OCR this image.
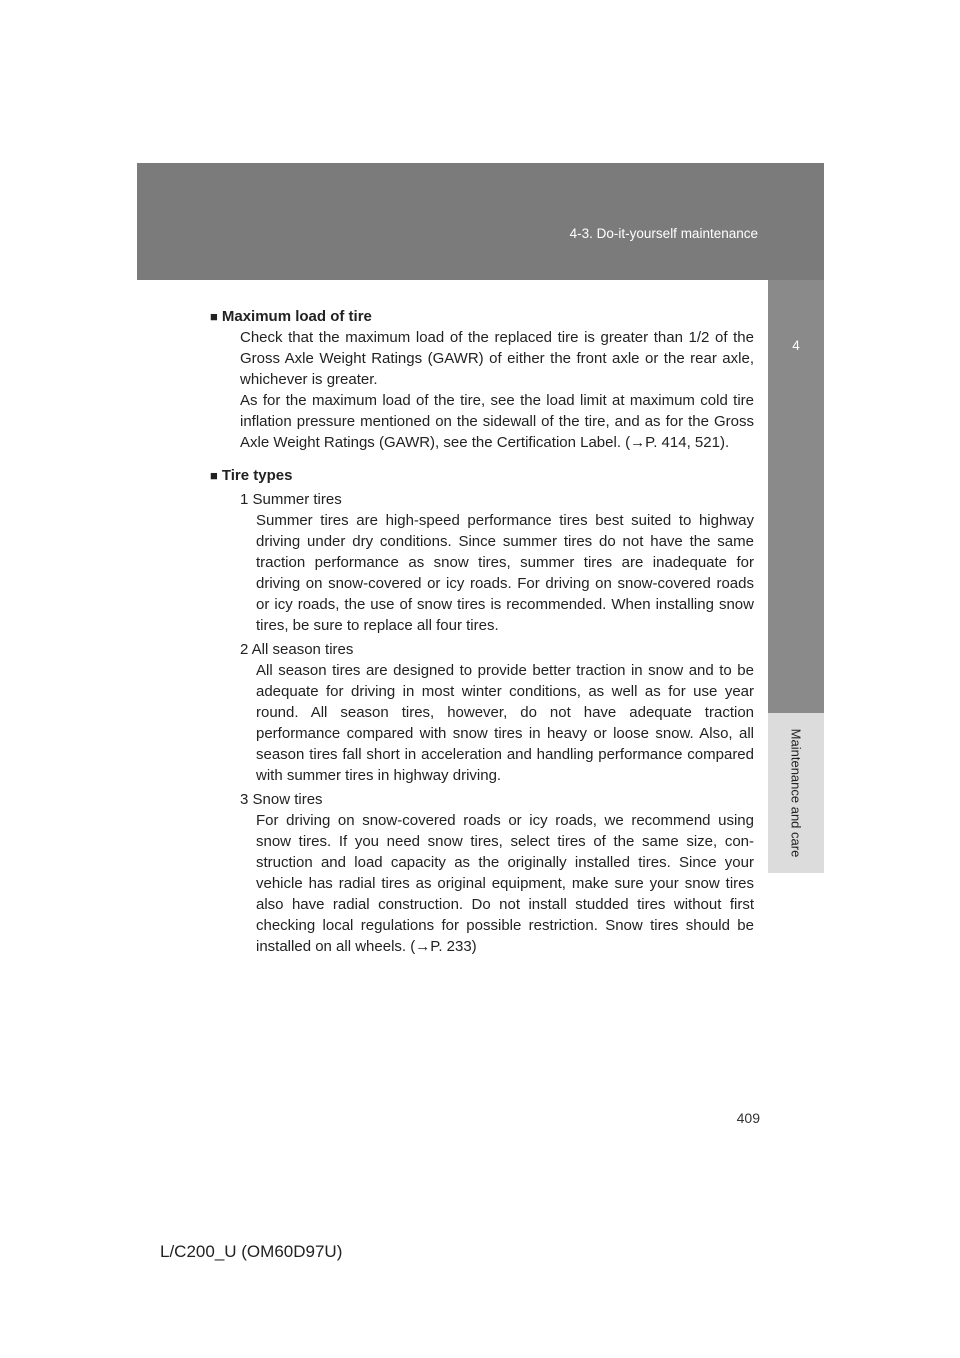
4-3. Do-it-yourself maintenance
4
Maintenance and care

■ Maximum load of tire

Check that the maximum load of the replaced tire is greater than 1/2 of the Gross Axle Weight Ratings (GAWR) of either the front axle or the rear axle, whichever is greater.

As for the maximum load of the tire, see the load limit at maximum cold tire inflation pressure mentioned on the sidewall of the tire, and as for the Gross Axle Weight Ratings (GAWR), see the Certification Label. (→P. 414, 521).

■ Tire types

1 Summer tires

Summer tires are high-speed performance tires best suited to highway driving under dry conditions. Since summer tires do not have the same traction performance as snow tires, summer tires are inadequate for driving on snow-covered or icy roads. For driving on snow-covered roads or icy roads, the use of snow tires is recommended. When installing snow tires, be sure to replace all four tires.

2 All season tires

All season tires are designed to provide better traction in snow and to be adequate for driving in most winter conditions, as well as for use year round. All season tires, however, do not have adequate traction performance compared with snow tires in heavy or loose snow. Also, all season tires fall short in acceleration and handling performance compared with summer tires in highway driving.

3 Snow tires

For driving on snow-covered roads or icy roads, we recommend using snow tires. If you need snow tires, select tires of the same size, con-struction and load capacity as the originally installed tires. Since your vehicle has radial tires as original equipment, make sure your snow tires also have radial construction. Do not install studded tires without first checking local regulations for possible restriction. Snow tires should be installed on all wheels. (→P. 233)

409
L/C200_U (OM60D97U)
